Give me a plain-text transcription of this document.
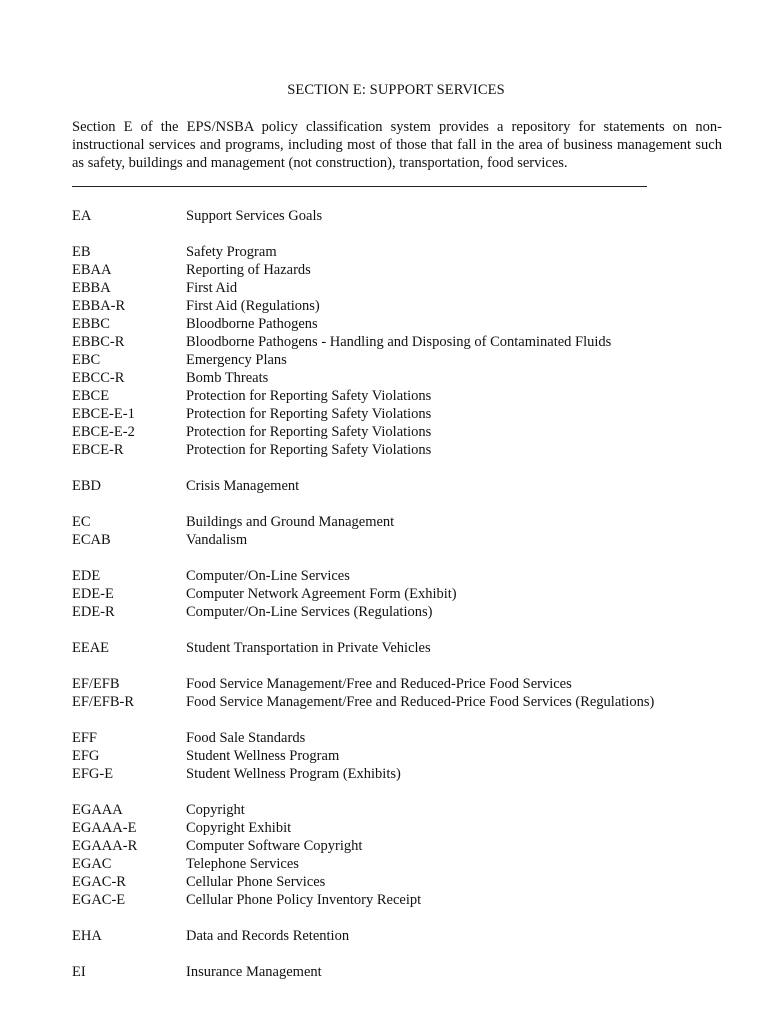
SECTION E: SUPPORT SERVICES
Section E of the EPS/NSBA policy classification system provides a repository for statements on non-instructional services and programs, including most of those that fall in the area of business management such as safety, buildings and management (not construction), transportation, food services.
EA	Support Services Goals
EB	Safety Program
EBAA	Reporting of Hazards
EBBA	First Aid
EBBA-R	First Aid (Regulations)
EBBC	Bloodborne Pathogens
EBBC-R	Bloodborne Pathogens - Handling and Disposing of Contaminated Fluids
EBC	Emergency Plans
EBCC-R	Bomb Threats
EBCE	Protection for Reporting Safety Violations
EBCE-E-1	Protection for Reporting Safety Violations
EBCE-E-2	Protection for Reporting Safety Violations
EBCE-R	Protection for Reporting Safety Violations
EBD	Crisis Management
EC	Buildings and Ground Management
ECAB	Vandalism
EDE	Computer/On-Line Services
EDE-E	Computer Network Agreement Form (Exhibit)
EDE-R	Computer/On-Line Services (Regulations)
EEAE	Student Transportation in Private Vehicles
EF/EFB	Food Service Management/Free and Reduced-Price Food Services
EF/EFB-R	Food Service Management/Free and Reduced-Price Food Services (Regulations)
EFF	Food Sale Standards
EFG	Student Wellness Program
EFG-E	Student Wellness Program (Exhibits)
EGAAA	Copyright
EGAAA-E	Copyright Exhibit
EGAAA-R	Computer Software Copyright
EGAC	Telephone Services
EGAC-R	Cellular Phone Services
EGAC-E	Cellular Phone Policy Inventory Receipt
EHA	Data and Records Retention
EI	Insurance Management
